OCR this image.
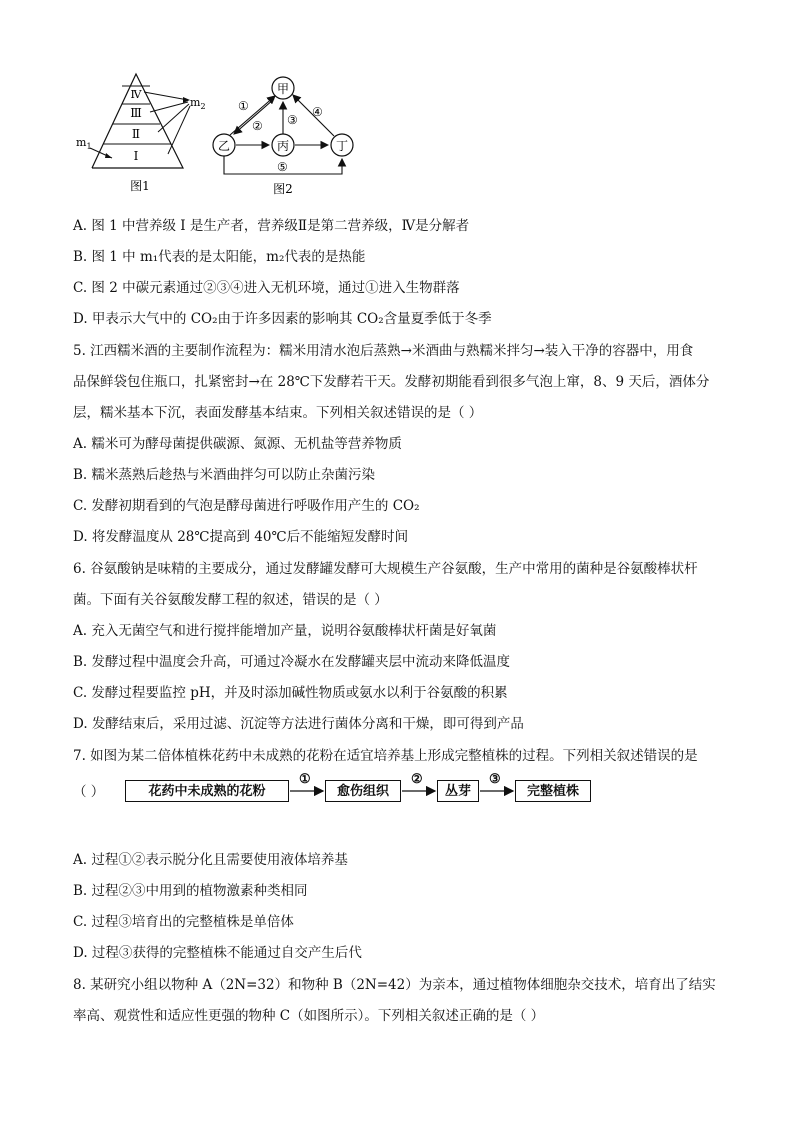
Ⅳ
Ⅲ
Ⅱ
Ⅰ
$m_1$
$m_2$
图1
甲
乙	丙	丁
①
② ③
④
⑤
图2
A. 图 1 中营养级 I 是生产者，营养级Ⅱ是第二营养级，Ⅳ是分解者
B. 图 1 中 m₁代表的是太阳能，m₂代表的是热能
C. 图 2 中碳元素通过②③④进入无机环境，通过①进入生物群落
D. 甲表示大气中的 CO₂由于许多因素的影响其 CO₂含量夏季低于冬季
5. 江西糯米酒的主要制作流程为：糯米用清水泡后蒸熟→米酒曲与熟糯米拌匀→装入干净的容器中，用食
品保鲜袋包住瓶口，扎紧密封→在 28℃下发酵若干天。发酵初期能看到很多气泡上窜，8、9 天后，酒体分
层，糯米基本下沉，表面发酵基本结束。下列相关叙述错误的是（ ）
A. 糯米可为酵母菌提供碳源、氮源、无机盐等营养物质
B. 糯米蒸熟后趁热与米酒曲拌匀可以防止杂菌污染
C. 发酵初期看到的气泡是酵母菌进行呼吸作用产生的 CO₂
D. 将发酵温度从 28℃提高到 40℃后不能缩短发酵时间
6. 谷氨酸钠是味精的主要成分，通过发酵罐发酵可大规模生产谷氨酸，生产中常用的菌种是谷氨酸棒状杆
菌。下面有关谷氨酸发酵工程的叙述，错误的是（ ）
A. 充入无菌空气和进行搅拌能增加产量，说明谷氨酸棒状杆菌是好氧菌
B. 发酵过程中温度会升高，可通过冷凝水在发酵罐夹层中流动来降低温度
C. 发酵过程要监控 pH，并及时添加碱性物质或氨水以利于谷氨酸的积累
D. 发酵结束后，采用过滤、沉淀等方法进行菌体分离和干燥，即可得到产品
7. 如图为某二倍体植株花药中未成熟的花粉在适宜培养基上形成完整植株的过程。下列相关叙述错误的是
（ ）	花药中未成熟的花粉	愈伤组织	丛芽	完整植株
①	②	③
A. 过程①②表示脱分化且需要使用液体培养基
B. 过程②③中用到的植物激素种类相同
C. 过程③培育出的完整植株是单倍体
D. 过程③获得的完整植株不能通过自交产生后代
8. 某研究小组以物种 A（2N=32）和物种 B（2N=42）为亲本，通过植物体细胞杂交技术，培育出了结实
率高、观赏性和适应性更强的物种 C（如图所示）。下列相关叙述正确的是（ ）
